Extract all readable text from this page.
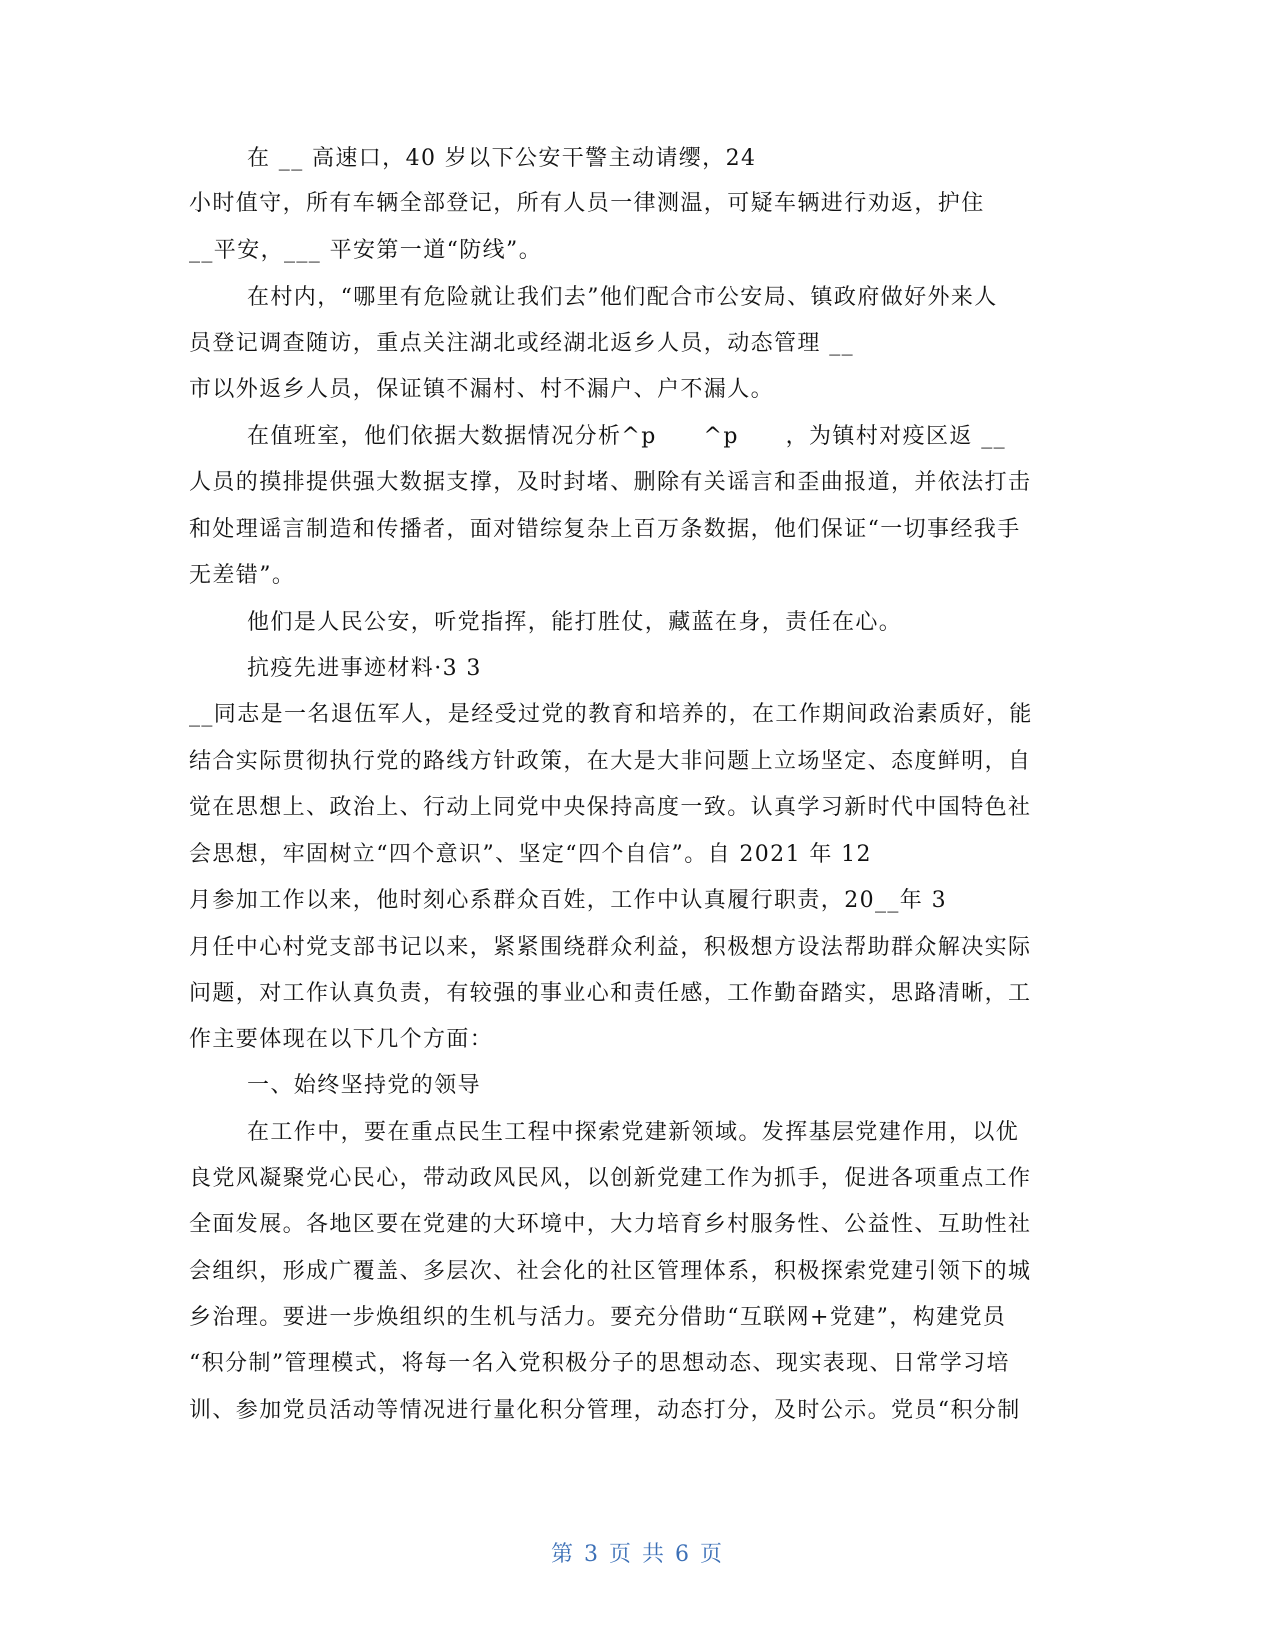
在 __ 高速口，40 岁以下公安干警主动请缨，24
小时值守，所有车辆全部登记，所有人员一律测温，可疑车辆进行劝返，护住
__平安，___ 平安第一道“防线”。
在村内，“哪里有危险就让我们去”他们配合市公安局、镇政府做好外来人
员登记调查随访，重点关注湖北或经湖北返乡人员，动态管理 __
市以外返乡人员，保证镇不漏村、村不漏户、户不漏人。
在值班室，他们依据大数据情况分析^p　　^p　　，为镇村对疫区返 __
人员的摸排提供强大数据支撑，及时封堵、删除有关谣言和歪曲报道，并依法打击
和处理谣言制造和传播者，面对错综复杂上百万条数据，他们保证“一切事经我手
无差错”。
他们是人民公安，听党指挥，能打胜仗，藏蓝在身，责任在心。
抗疫先进事迹材料·3 3
__同志是一名退伍军人，是经受过党的教育和培养的，在工作期间政治素质好，能
结合实际贯彻执行党的路线方针政策，在大是大非问题上立场坚定、态度鲜明，自
觉在思想上、政治上、行动上同党中央保持高度一致。认真学习新时代中国特色社
会思想，牢固树立“四个意识”、坚定“四个自信”。自 2021 年 12
月参加工作以来，他时刻心系群众百姓，工作中认真履行职责，20__年 3
月任中心村党支部书记以来，紧紧围绕群众利益，积极想方设法帮助群众解决实际
问题，对工作认真负责，有较强的事业心和责任感，工作勤奋踏实，思路清晰，工
作主要体现在以下几个方面：
一、始终坚持党的领导
在工作中，要在重点民生工程中探索党建新领域。发挥基层党建作用，以优
良党风凝聚党心民心，带动政风民风，以创新党建工作为抓手，促进各项重点工作
全面发展。各地区要在党建的大环境中，大力培育乡村服务性、公益性、互助性社
会组织，形成广覆盖、多层次、社会化的社区管理体系，积极探索党建引领下的城
乡治理。要进一步焕组织的生机与活力。要充分借助“互联网+党建”，构建党员
“积分制”管理模式，将每一名入党积极分子的思想动态、现实表现、日常学习培
训、参加党员活动等情况进行量化积分管理，动态打分，及时公示。党员“积分制
第 3 页 共 6 页
